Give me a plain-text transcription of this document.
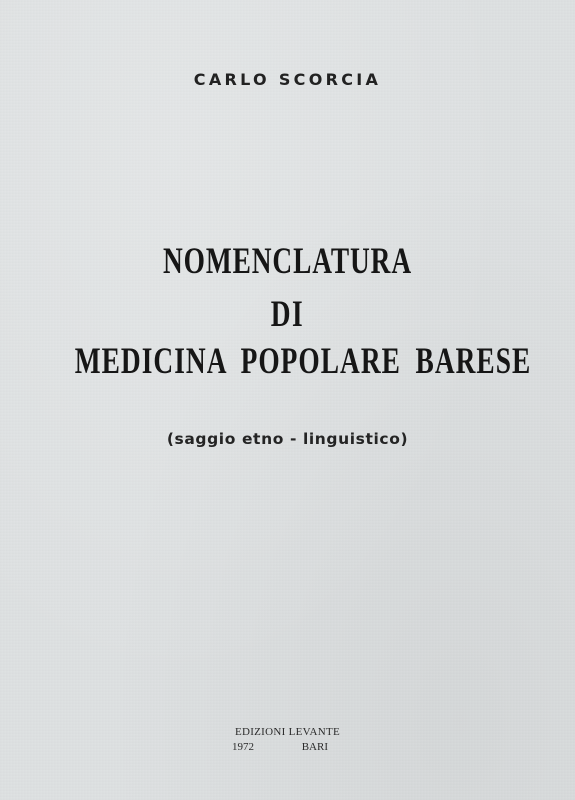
CARLO SCORCIA
NOMENCLATURA
DI
MEDICINA POPOLARE BARESE
(saggio etno - linguistico)
EDIZIONI LEVANTE
1972	BARI
